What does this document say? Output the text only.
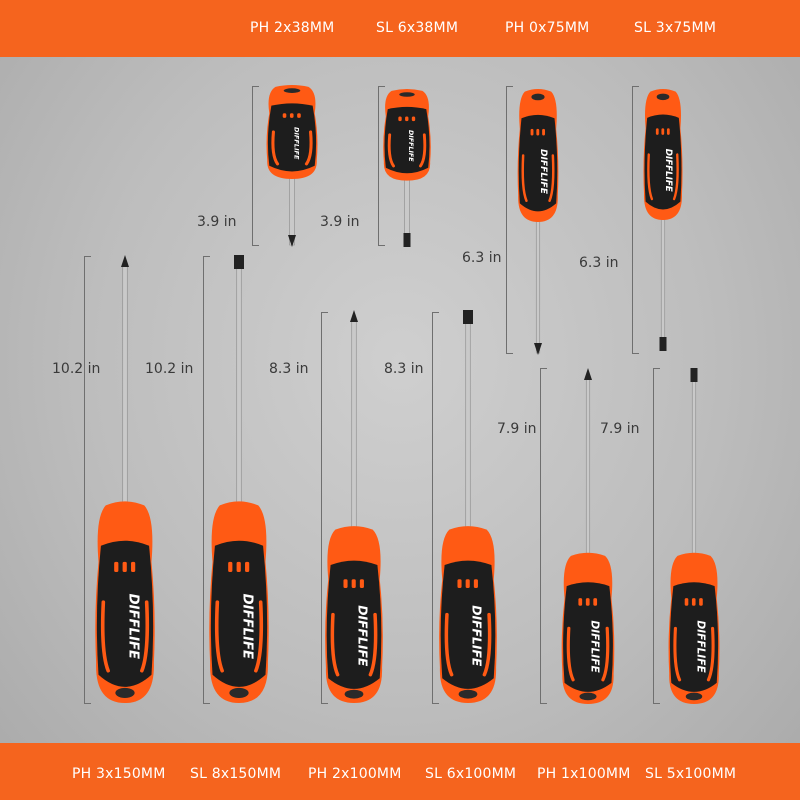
PH 2x38MM	SL 6x38MM	PH 0x75MM	SL 3x75MM
3.9 in	3.9 in
6.3 in	6.3 in
10.2 in	10.2 in	8.3 in	8.3 in
7.9 in	7.9 in
DIFFLIFE	DIFFLIFE
DIFFLIFE	DIFFLIFE
DIFFLIFE	DIFFLIFE	DIFFLIFE	DIFFLIFE	DIFFLIFE	DIFFLIFE
PH 3x150MM SL 8x150MM PH 2x100MM SL 6x100MM PH 1x100MM SL 5x100MM
